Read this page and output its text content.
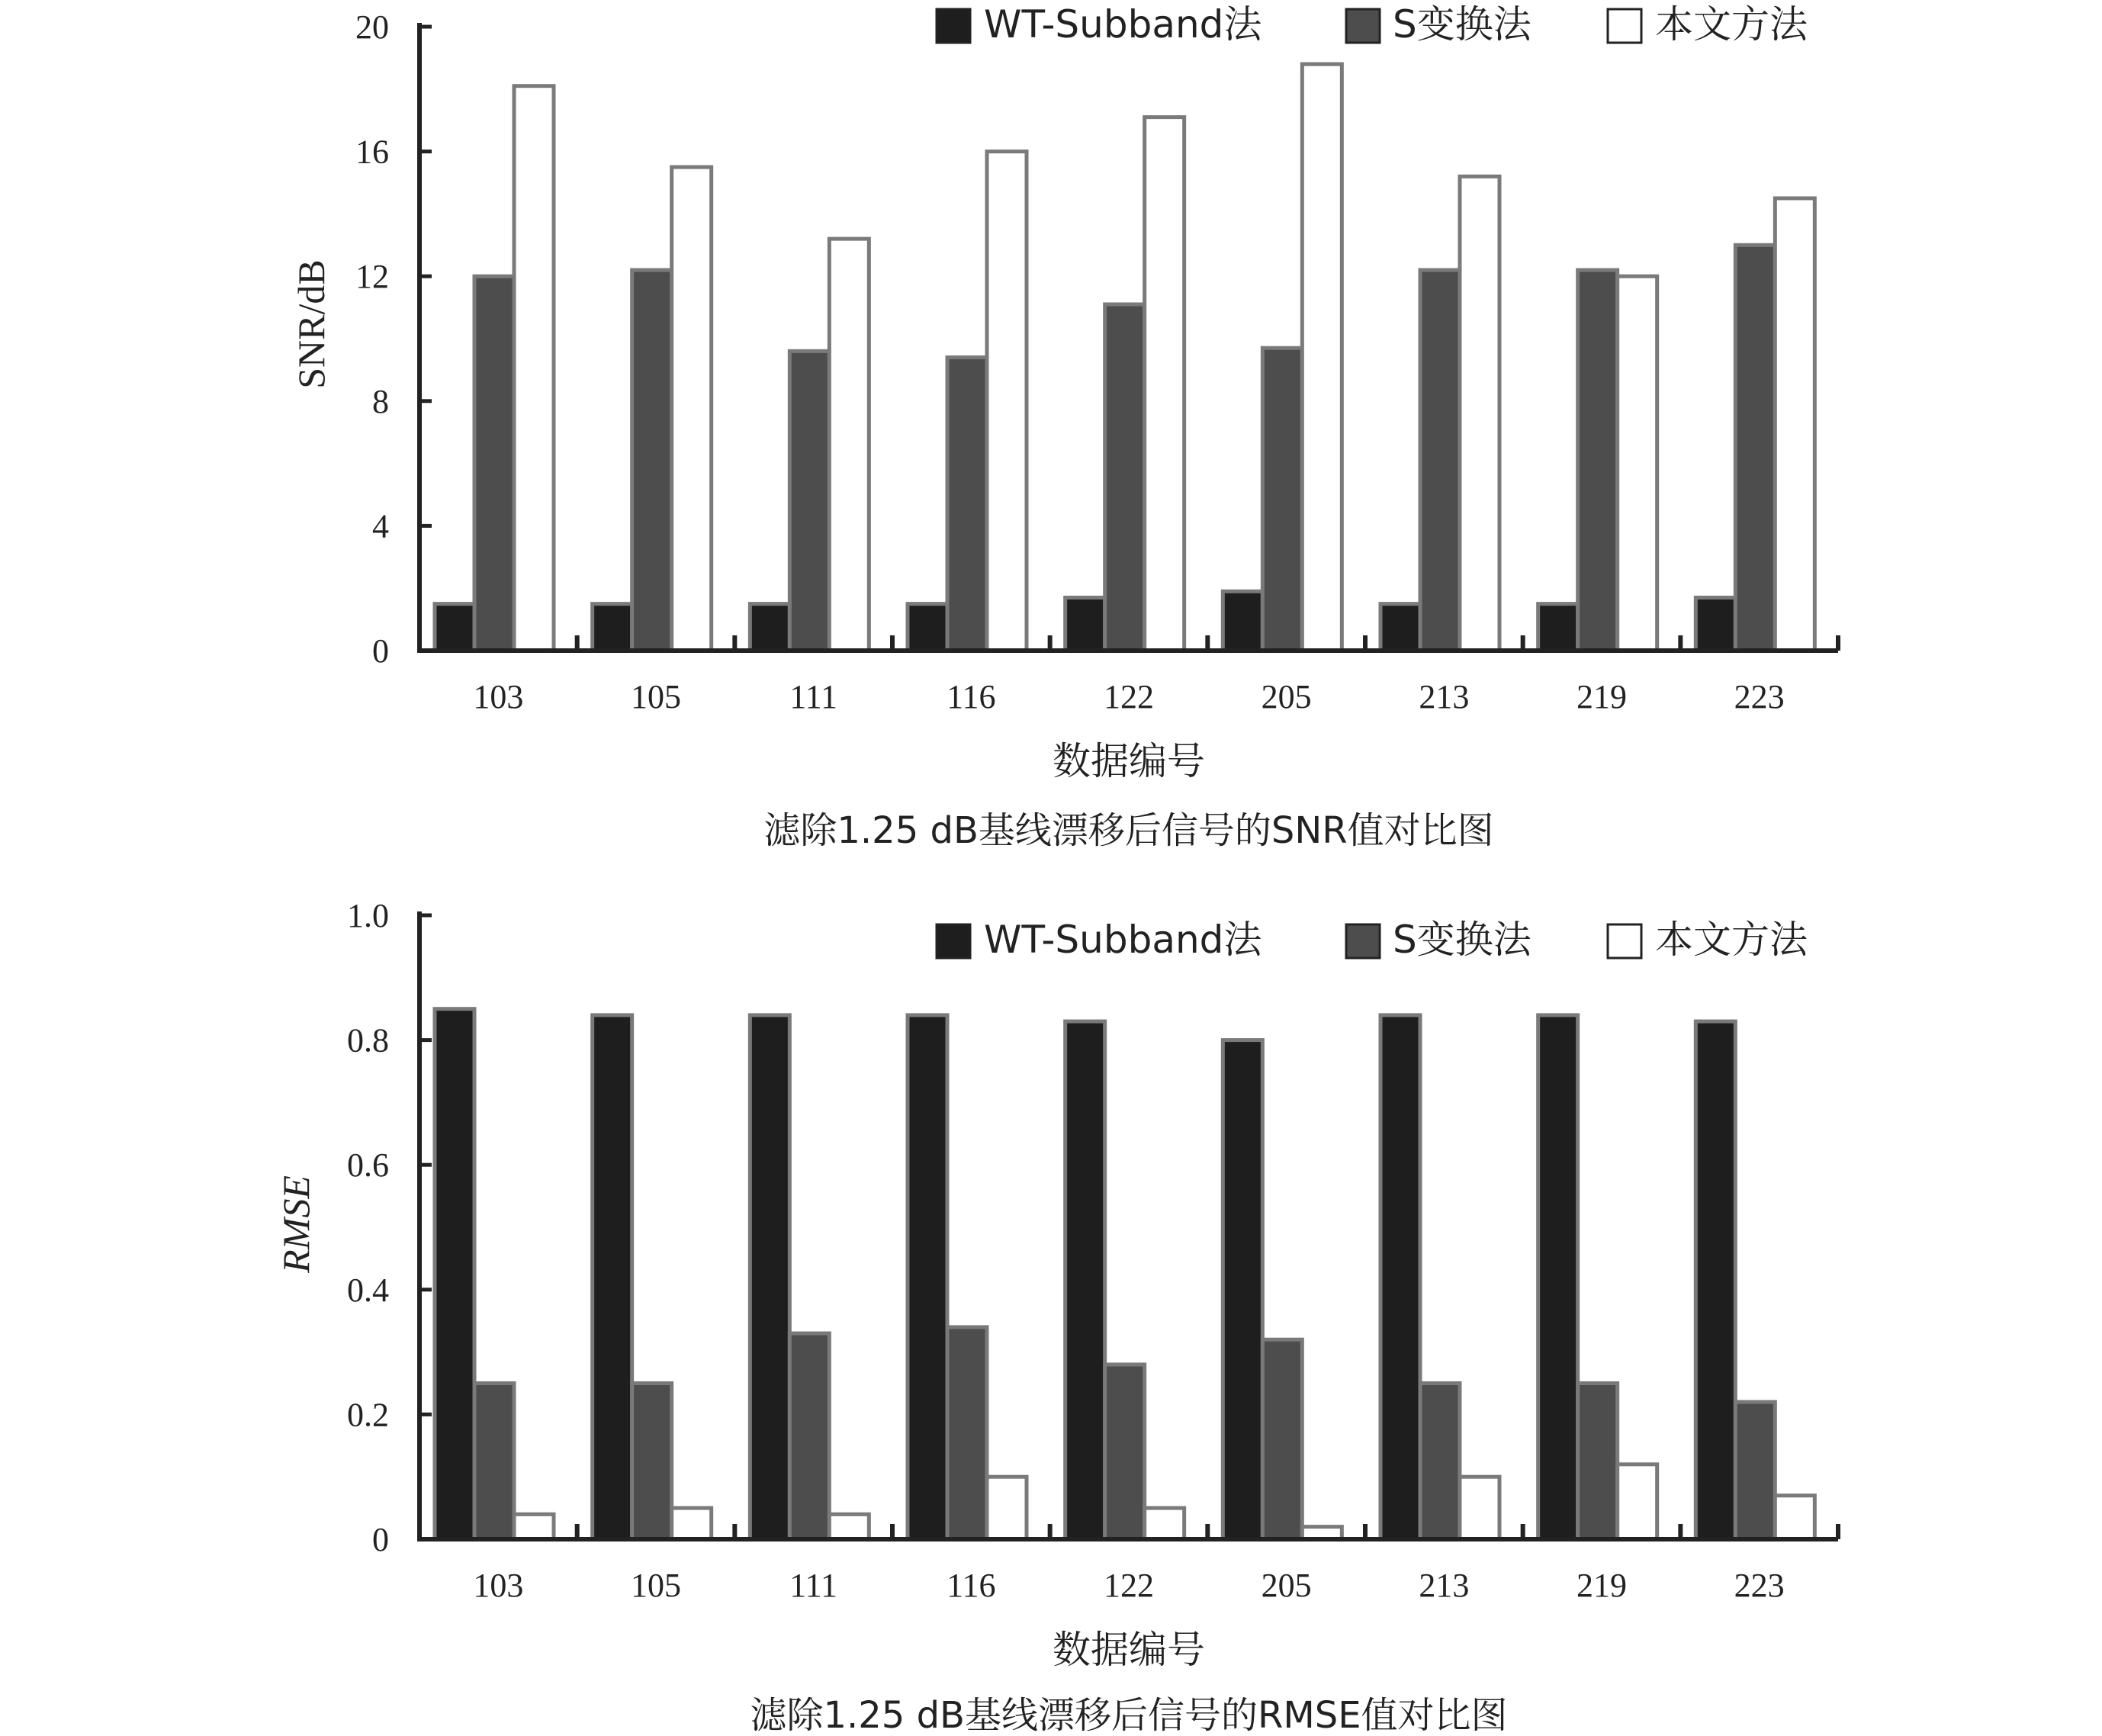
0
4
8
12
16
20
103	105	111	116	122	205	213	219	223
SNR/dB
数据编号
滤除1.25 dB基线漂移后信号的SNR值对比图
WT-Subband法	S变换法	本文方法
0
0.2
0.4
0.6
0.8
1.0
103	105	111	116	122	205	213	219	223
RMSE
数据编号
滤除1.25 dB基线漂移后信号的RMSE值对比图
WT-Subband法	S变换法	本文方法
